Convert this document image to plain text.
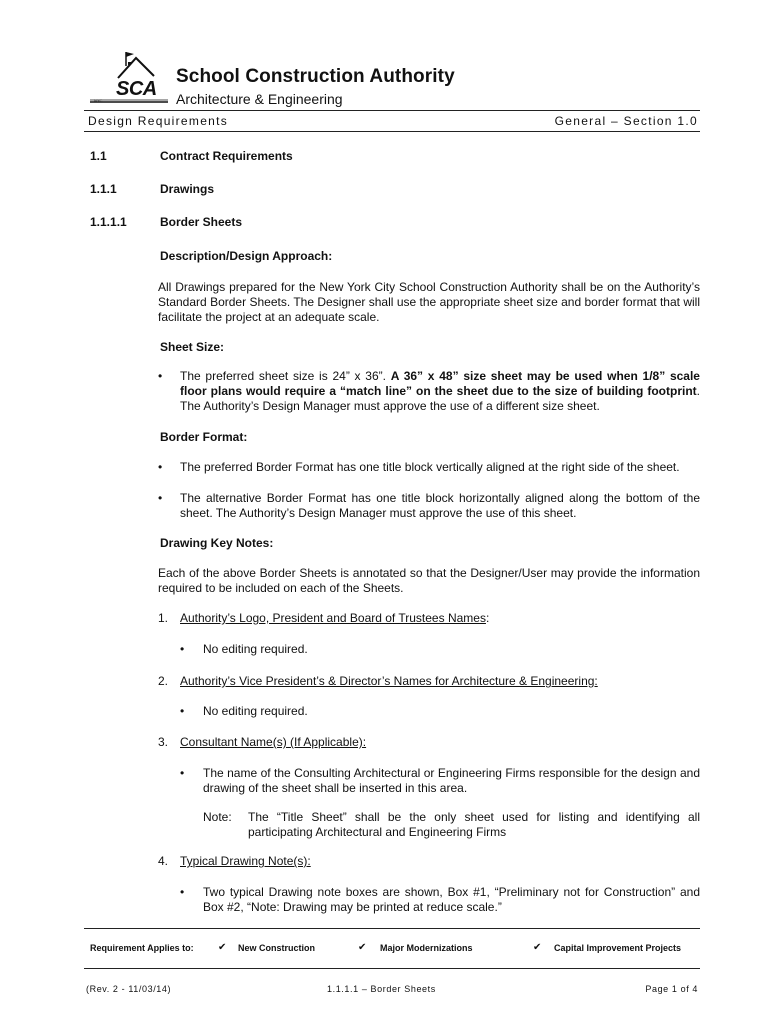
NYC
SCA
School Construction Authority
Architecture & Engineering
Design Requirements	General – Section 1.0
1.1	Contract Requirements
1.1.1	Drawings
1.1.1.1	Border Sheets
Description/Design Approach:
All Drawings prepared for the New York City School Construction Authority shall be on the Authority’s Standard Border Sheets. The Designer shall use the appropriate sheet size and border format that will facilitate the project at an adequate scale.
Sheet Size:
• The preferred sheet size is 24” x 36”. A 36” x 48” size sheet may be used when 1/8” scale floor plans would require a “match line” on the sheet due to the size of building footprint. The Authority’s Design Manager must approve the use of a different size sheet.
Border Format:
• The preferred Border Format has one title block vertically aligned at the right side of the sheet.
• The alternative Border Format has one title block horizontally aligned along the bottom of the sheet. The Authority’s Design Manager must approve the use of this sheet.
Drawing Key Notes:
Each of the above Border Sheets is annotated so that the Designer/User may provide the information required to be included on each of the Sheets.
1. Authority’s Logo, President and Board of Trustees Names:
• No editing required.
2. Authority’s Vice President’s & Director’s Names for Architecture & Engineering:
• No editing required.
3. Consultant Name(s) (If Applicable):
• The name of the Consulting Architectural or Engineering Firms responsible for the design and drawing of the sheet shall be inserted in this area.
Note: The “Title Sheet” shall be the only sheet used for listing and identifying all participating Architectural and Engineering Firms
4. Typical Drawing Note(s):
• Two typical Drawing note boxes are shown, Box #1, “Preliminary not for Construction” and Box #2, “Note: Drawing may be printed at reduce scale.”
Requirement Applies to: ✔ New Construction	✔ Major Modernizations	✔ Capital Improvement Projects
(Rev. 2 - 11/03/14)	1.1.1.1 – Border Sheets	Page 1 of 4
